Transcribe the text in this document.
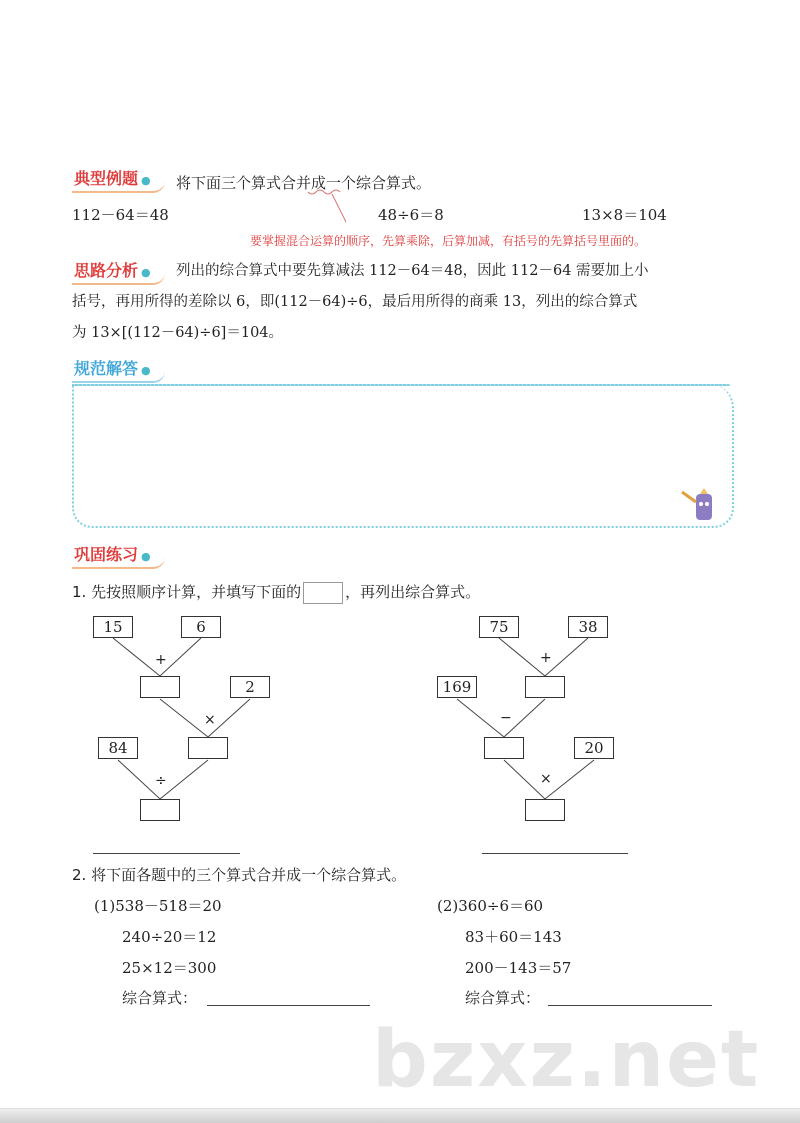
典型例题 ●	将下面三个算式合并成一个综合算式。
112－64＝48	48÷6＝8	13×8＝104
要掌握混合运算的顺序，先算乘除，后算加减，有括号的先算括号里面的。
思路分析 ●	列出的综合算式中要先算减法 112－64＝48，因此 112－64 需要加上小
括号，再用所得的差除以 6，即(112－64)÷6，最后用所得的商乘 13，列出的综合算式
为 13×[(112－64)÷6]＝104。
规范解答 ●
巩固练习 ●
1. 先按照顺序计算，并填写下面的	，再列出综合算式。
15	6
+
2
×
84
÷
75	38
+
169
−
20
×
2. 将下面各题中的三个算式合并成一个综合算式。
(1)538－518＝20
240÷20＝12
25×12＝300
综合算式：
(2)360÷6＝60
83＋60＝143
200－143＝57
综合算式：
bzxz.net
